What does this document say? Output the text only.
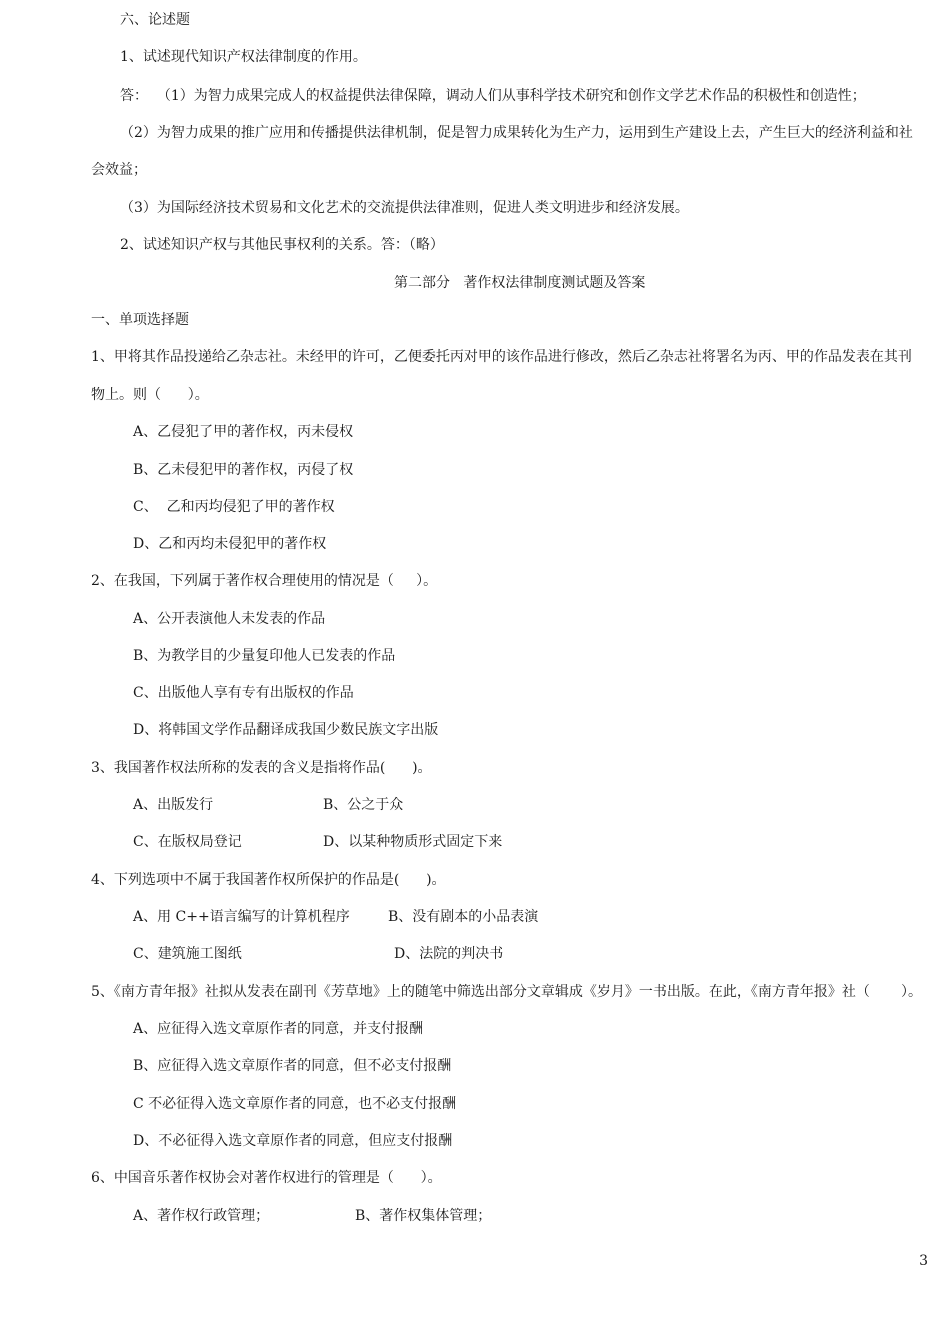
六、论述题
1、试述现代知识产权法律制度的作用。
答：  （1）为智力成果完成人的权益提供法律保障，调动人们从事科学技术研究和创作文学艺术作品的积极性和创造性；
（2）为智力成果的推广应用和传播提供法律机制，促是智力成果转化为生产力，运用到生产建设上去，产生巨大的经济利益和社
会效益；
（3）为国际经济技术贸易和文化艺术的交流提供法律准则，促进人类文明进步和经济发展。
2、试述知识产权与其他民事权利的关系。答：（略）
第二部分   著作权法律制度测试题及答案
一、单项选择题
1、甲将其作品投递给乙杂志社。未经甲的许可，乙便委托丙对甲的该作品进行修改，然后乙杂志社将署名为丙、甲的作品发表在其刊
物上。则（      ）。
A、乙侵犯了甲的著作权，丙未侵权
B、乙未侵犯甲的著作权，丙侵了权
C、  乙和丙均侵犯了甲的著作权
D、乙和丙均未侵犯甲的著作权
2、在我国，下列属于著作权合理使用的情况是（     ）。
A、公开表演他人未发表的作品
B、为教学目的少量复印他人已发表的作品
C、出版他人享有专有出版权的作品
D、将韩国文学作品翻译成我国少数民族文字出版
3、我国著作权法所称的发表的含义是指将作品(      )。
A、出版发行	B、公之于众
C、在版权局登记	D、以某种物质形式固定下来
4、下列选项中不属于我国著作权所保护的作品是(      )。
A、用 C++语言编写的计算机程序	B、没有剧本的小品表演
C、建筑施工图纸	D、法院的判决书
5、《南方青年报》社拟从发表在副刊《芳草地》上的随笔中筛选出部分文章辑成《岁月》一书出版。在此，《南方青年报》社（       ）。
A、应征得入选文章原作者的同意，并支付报酬
B、应征得入选文章原作者的同意，但不必支付报酬
C 不必征得入选文章原作者的同意，也不必支付报酬
D、不必征得入选文章原作者的同意，但应支付报酬
6、中国音乐著作权协会对著作权进行的管理是（      ）。
A、著作权行政管理；	B、著作权集体管理；
3
